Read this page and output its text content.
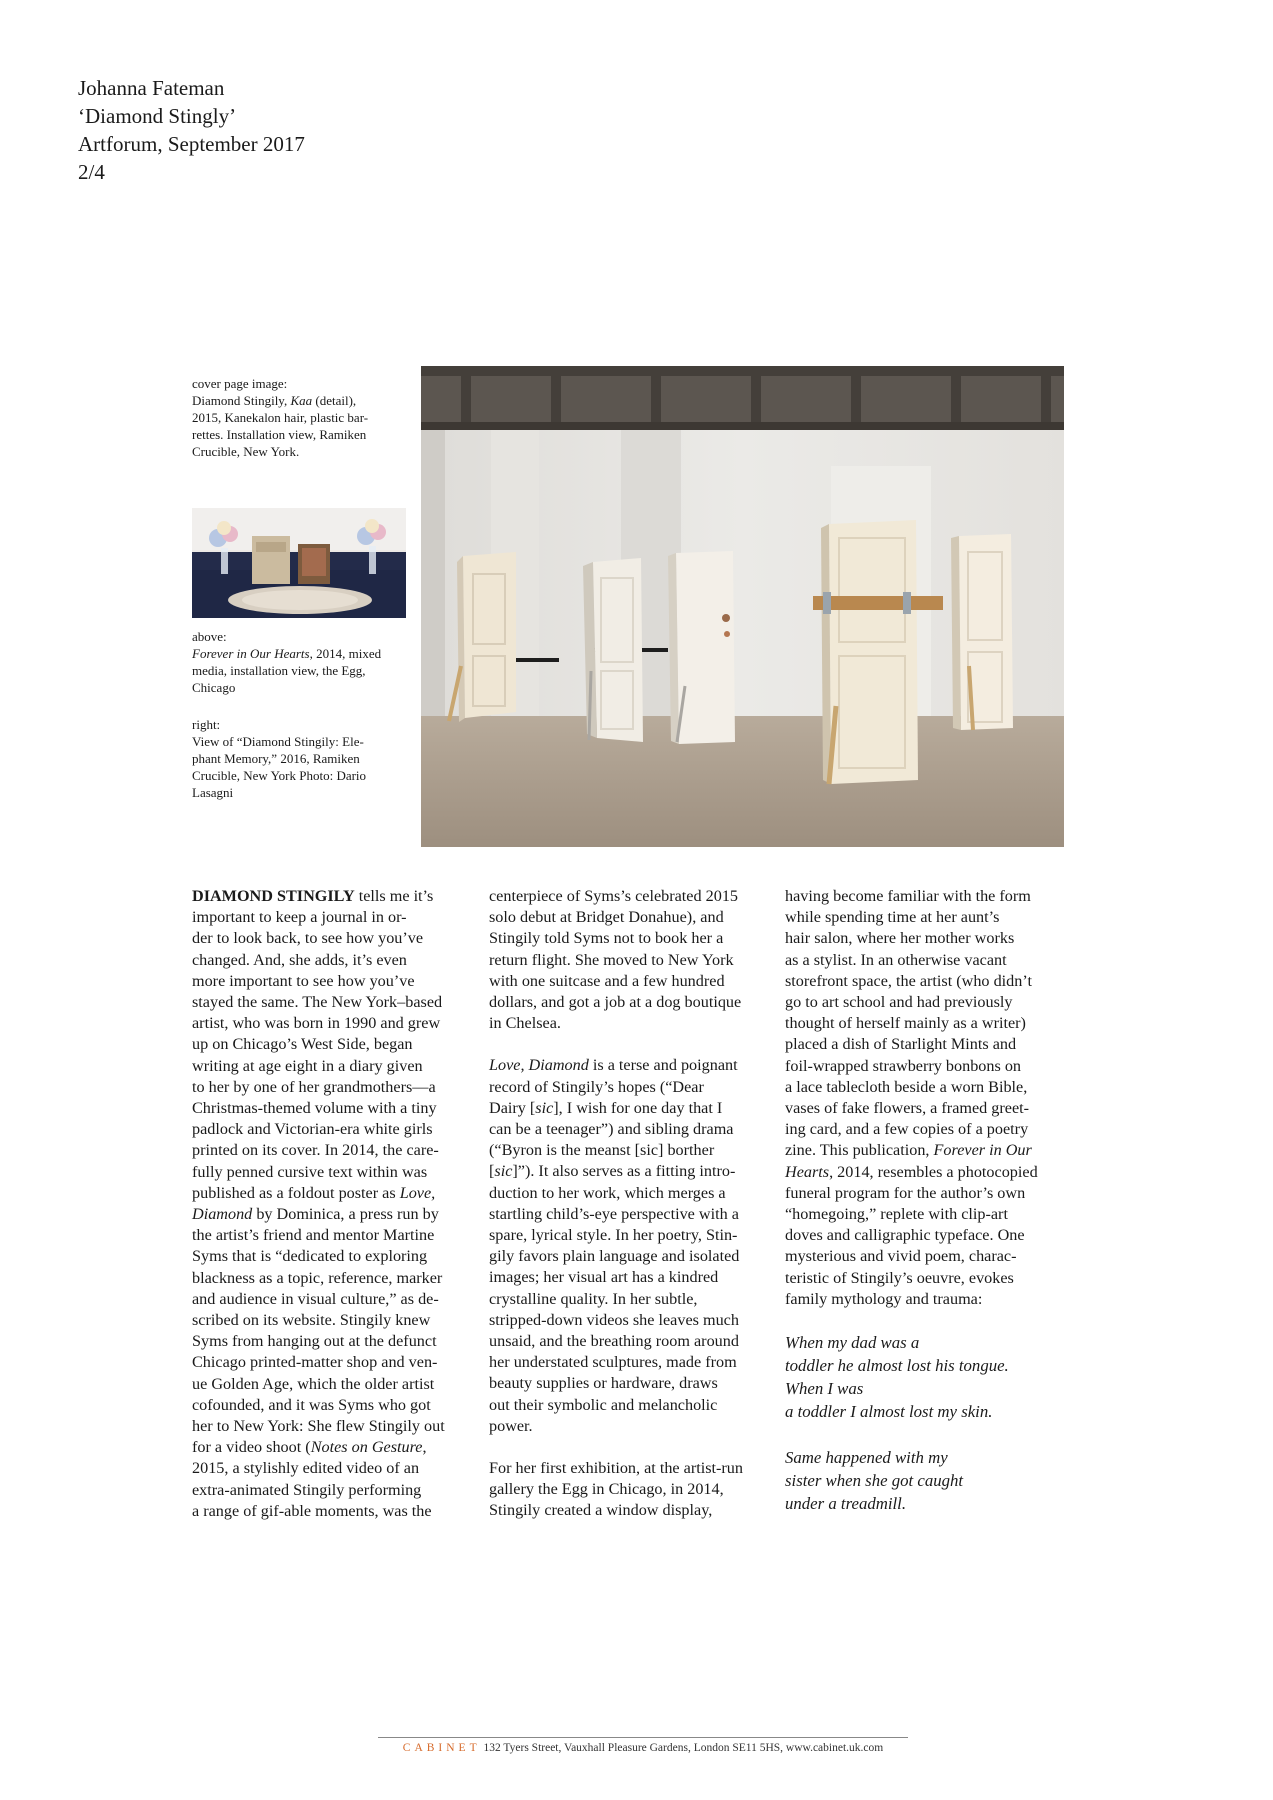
Johanna Fateman
‘Diamond Stingly’
Artforum, September 2017
2/4
cover page image:
Diamond Stingily, Kaa (detail),
2015, Kanekalon hair, plastic bar-
rettes. Installation view, Ramiken
Crucible, New York.
above:
Forever in Our Hearts, 2014, mixed
media, installation view, the Egg,
Chicago
right:
View of “Diamond Stingily: Ele-
phant Memory,” 2016, Ramiken
Crucible, New York Photo: Dario
Lasagni
DIAMOND STINGILY tells me it’s
important to keep a journal in or-
der to look back, to see how you’ve
changed. And, she adds, it’s even
more important to see how you’ve
stayed the same. The New York–based
artist, who was born in 1990 and grew
up on Chicago’s West Side, began
writing at age eight in a diary given
to her by one of her grandmothers—a
Christmas-themed volume with a tiny
padlock and Victorian-era white girls
printed on its cover. In 2014, the care-
fully penned cursive text within was
published as a foldout poster as Love,
Diamond by Dominica, a press run by
the artist’s friend and mentor Martine
Syms that is “dedicated to exploring
blackness as a topic, reference, marker
and audience in visual culture,” as de-
scribed on its website. Stingily knew
Syms from hanging out at the defunct
Chicago printed-matter shop and ven-
ue Golden Age, which the older artist
cofounded, and it was Syms who got
her to New York: She flew Stingily out
for a video shoot (Notes on Gesture,
2015, a stylishly edited video of an
extra-animated Stingily performing
a range of gif-able moments, was the

centerpiece of Syms’s celebrated 2015
solo debut at Bridget Donahue), and
Stingily told Syms not to book her a
return flight. She moved to New York
with one suitcase and a few hundred
dollars, and got a job at a dog boutique
in Chelsea.

Love, Diamond is a terse and poignant
record of Stingily’s hopes (“Dear
Dairy [sic], I wish for one day that I
can be a teenager”) and sibling drama
(“Byron is the meanst [sic] borther
[sic]”). It also serves as a fitting intro-
duction to her work, which merges a
startling child’s-eye perspective with a
spare, lyrical style. In her poetry, Stin-
gily favors plain language and isolated
images; her visual art has a kindred
crystalline quality. In her subtle,
stripped-down videos she leaves much
unsaid, and the breathing room around
her understated sculptures, made from
beauty supplies or hardware, draws
out their symbolic and melancholic
power.

For her first exhibition, at the artist-run
gallery the Egg in Chicago, in 2014,
Stingily created a window display,

having become familiar with the form
while spending time at her aunt’s
hair salon, where her mother works
as a stylist. In an otherwise vacant
storefront space, the artist (who didn’t
go to art school and had previously
thought of herself mainly as a writer)
placed a dish of Starlight Mints and
foil-wrapped strawberry bonbons on
a lace tablecloth beside a worn Bible,
vases of fake flowers, a framed greet-
ing card, and a few copies of a poetry
zine. This publication, Forever in Our
Hearts, 2014, resembles a photocopied
funeral program for the author’s own
“homegoing,” replete with clip-art
doves and calligraphic typeface. One
mysterious and vivid poem, charac-
teristic of Stingily’s oeuvre, evokes
family mythology and trauma:

When my dad was a
toddler he almost lost his tongue.
When I was
a toddler I almost lost my skin.
Same happened with my
sister when she got caught
under a treadmill.
CABINET 132 Tyers Street, Vauxhall Pleasure Gardens, London SE11 5HS, www.cabinet.uk.com
